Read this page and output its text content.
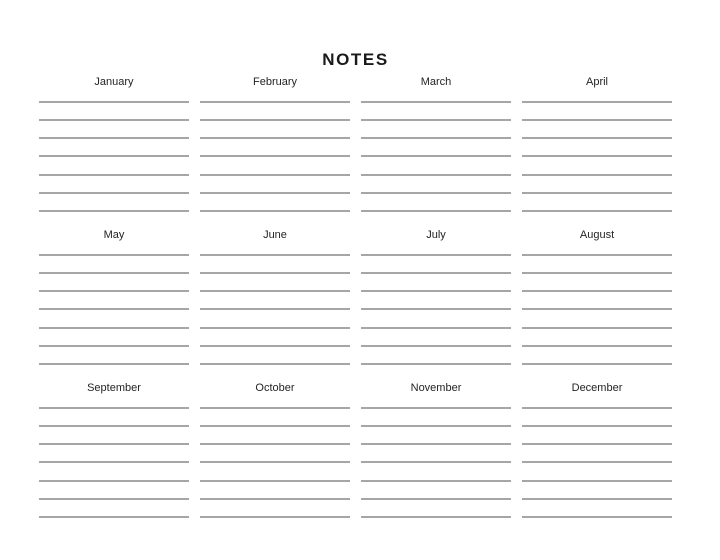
NOTES
January	February	March	April
May	June	July	August
September	October	November	December
